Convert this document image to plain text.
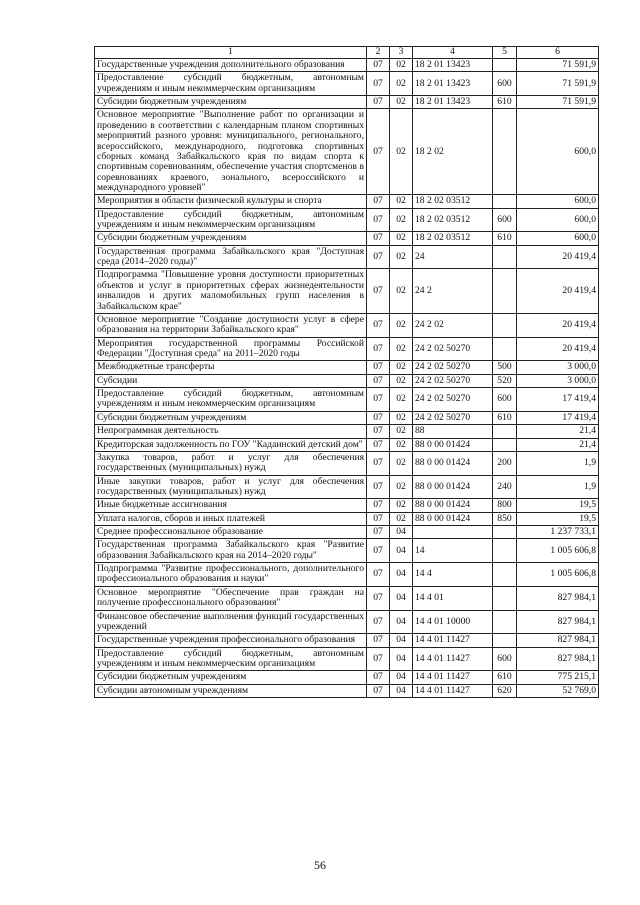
1	2	3	4	5	6
Государственные учреждения дополнительного образования	07	02	18 2 01 13423		71 591,9
Предоставление субсидий бюджетным, автономным учреждениям и иным некоммерческим организациям	07	02	18 2 01 13423	600	71 591,9
Субсидии бюджетным учреждениям	07	02	18 2 01 13423	610	71 591,9
Основное мероприятие "Выполнение работ по организации и проведению в соответствии с календарным планом спортивных мероприятий разного уровня: муниципального, регионального, всероссийского, международного, подготовка спортивных сборных команд Забайкальского края по видам спорта к спортивным соревнованиям, обеспечение участия спортсменов в соревнованиях краевого, зонального, всероссийского и международного уровней"	07	02	18 2 02		600,0
Мероприятия в области физической культуры и спорта	07	02	18 2 02 03512		600,0
Предоставление субсидий бюджетным, автономным учреждениям и иным некоммерческим организациям	07	02	18 2 02 03512	600	600,0
Субсидии бюджетным учреждениям	07	02	18 2 02 03512	610	600,0
Государственная программа Забайкальского края "Доступная среда (2014–2020 годы)"	07	02	24		20 419,4
Подпрограмма "Повышение уровня доступности приоритетных объектов и услуг в приоритетных сферах жизнедеятельности инвалидов и других маломобильных групп населения в Забайкальском крае"	07	02	24 2		20 419,4
Основное мероприятие "Создание доступности услуг в сфере образования на территории Забайкальского края"	07	02	24 2 02		20 419,4
Мероприятия государственной программы Российской Федерации "Доступная среда" на 2011–2020 годы	07	02	24 2 02 50270		20 419,4
Межбюджетные трансферты	07	02	24 2 02 50270	500	3 000,0
Субсидии	07	02	24 2 02 50270	520	3 000,0
Предоставление субсидий бюджетным, автономным учреждениям и иным некоммерческим организациям	07	02	24 2 02 50270	600	17 419,4
Субсидии бюджетным учреждениям	07	02	24 2 02 50270	610	17 419,4
Непрограммная деятельность	07	02	88		21,4
Кредиторская задолженность по ГОУ "Кадаинский детский дом"	07	02	88 0 00 01424		21,4
Закупка товаров, работ и услуг для обеспечения государственных (муниципальных) нужд	07	02	88 0 00 01424	200	1,9
Иные закупки товаров, работ и услуг для обеспечения государственных (муниципальных) нужд	07	02	88 0 00 01424	240	1,9
Иные бюджетные ассигнования	07	02	88 0 00 01424	800	19,5
Уплата налогов, сборов и иных платежей	07	02	88 0 00 01424	850	19,5
Среднее профессиональное образование	07	04			1 237 733,1
Государственная программа Забайкальского края "Развитие образования Забайкальского края на 2014–2020 годы"	07	04	14		1 005 606,8
Подпрограмма "Развитие профессионального, дополнительного профессионального образования и науки"	07	04	14 4		1 005 606,8
Основное мероприятие "Обеспечение прав граждан на получение профессионального образования"	07	04	14 4 01		827 984,1
Финансовое обеспечение выполнения функций государственных учреждений	07	04	14 4 01 10000		827 984,1
Государственные учреждения профессионального образования	07	04	14 4 01 11427		827 984,1
Предоставление субсидий бюджетным, автономным учреждениям и иным некоммерческим организациям	07	04	14 4 01 11427	600	827 984,1
Субсидии бюджетным учреждениям	07	04	14 4 01 11427	610	775 215,1
Субсидии автономным учреждениям	07	04	14 4 01 11427	620	52 769,0
56
